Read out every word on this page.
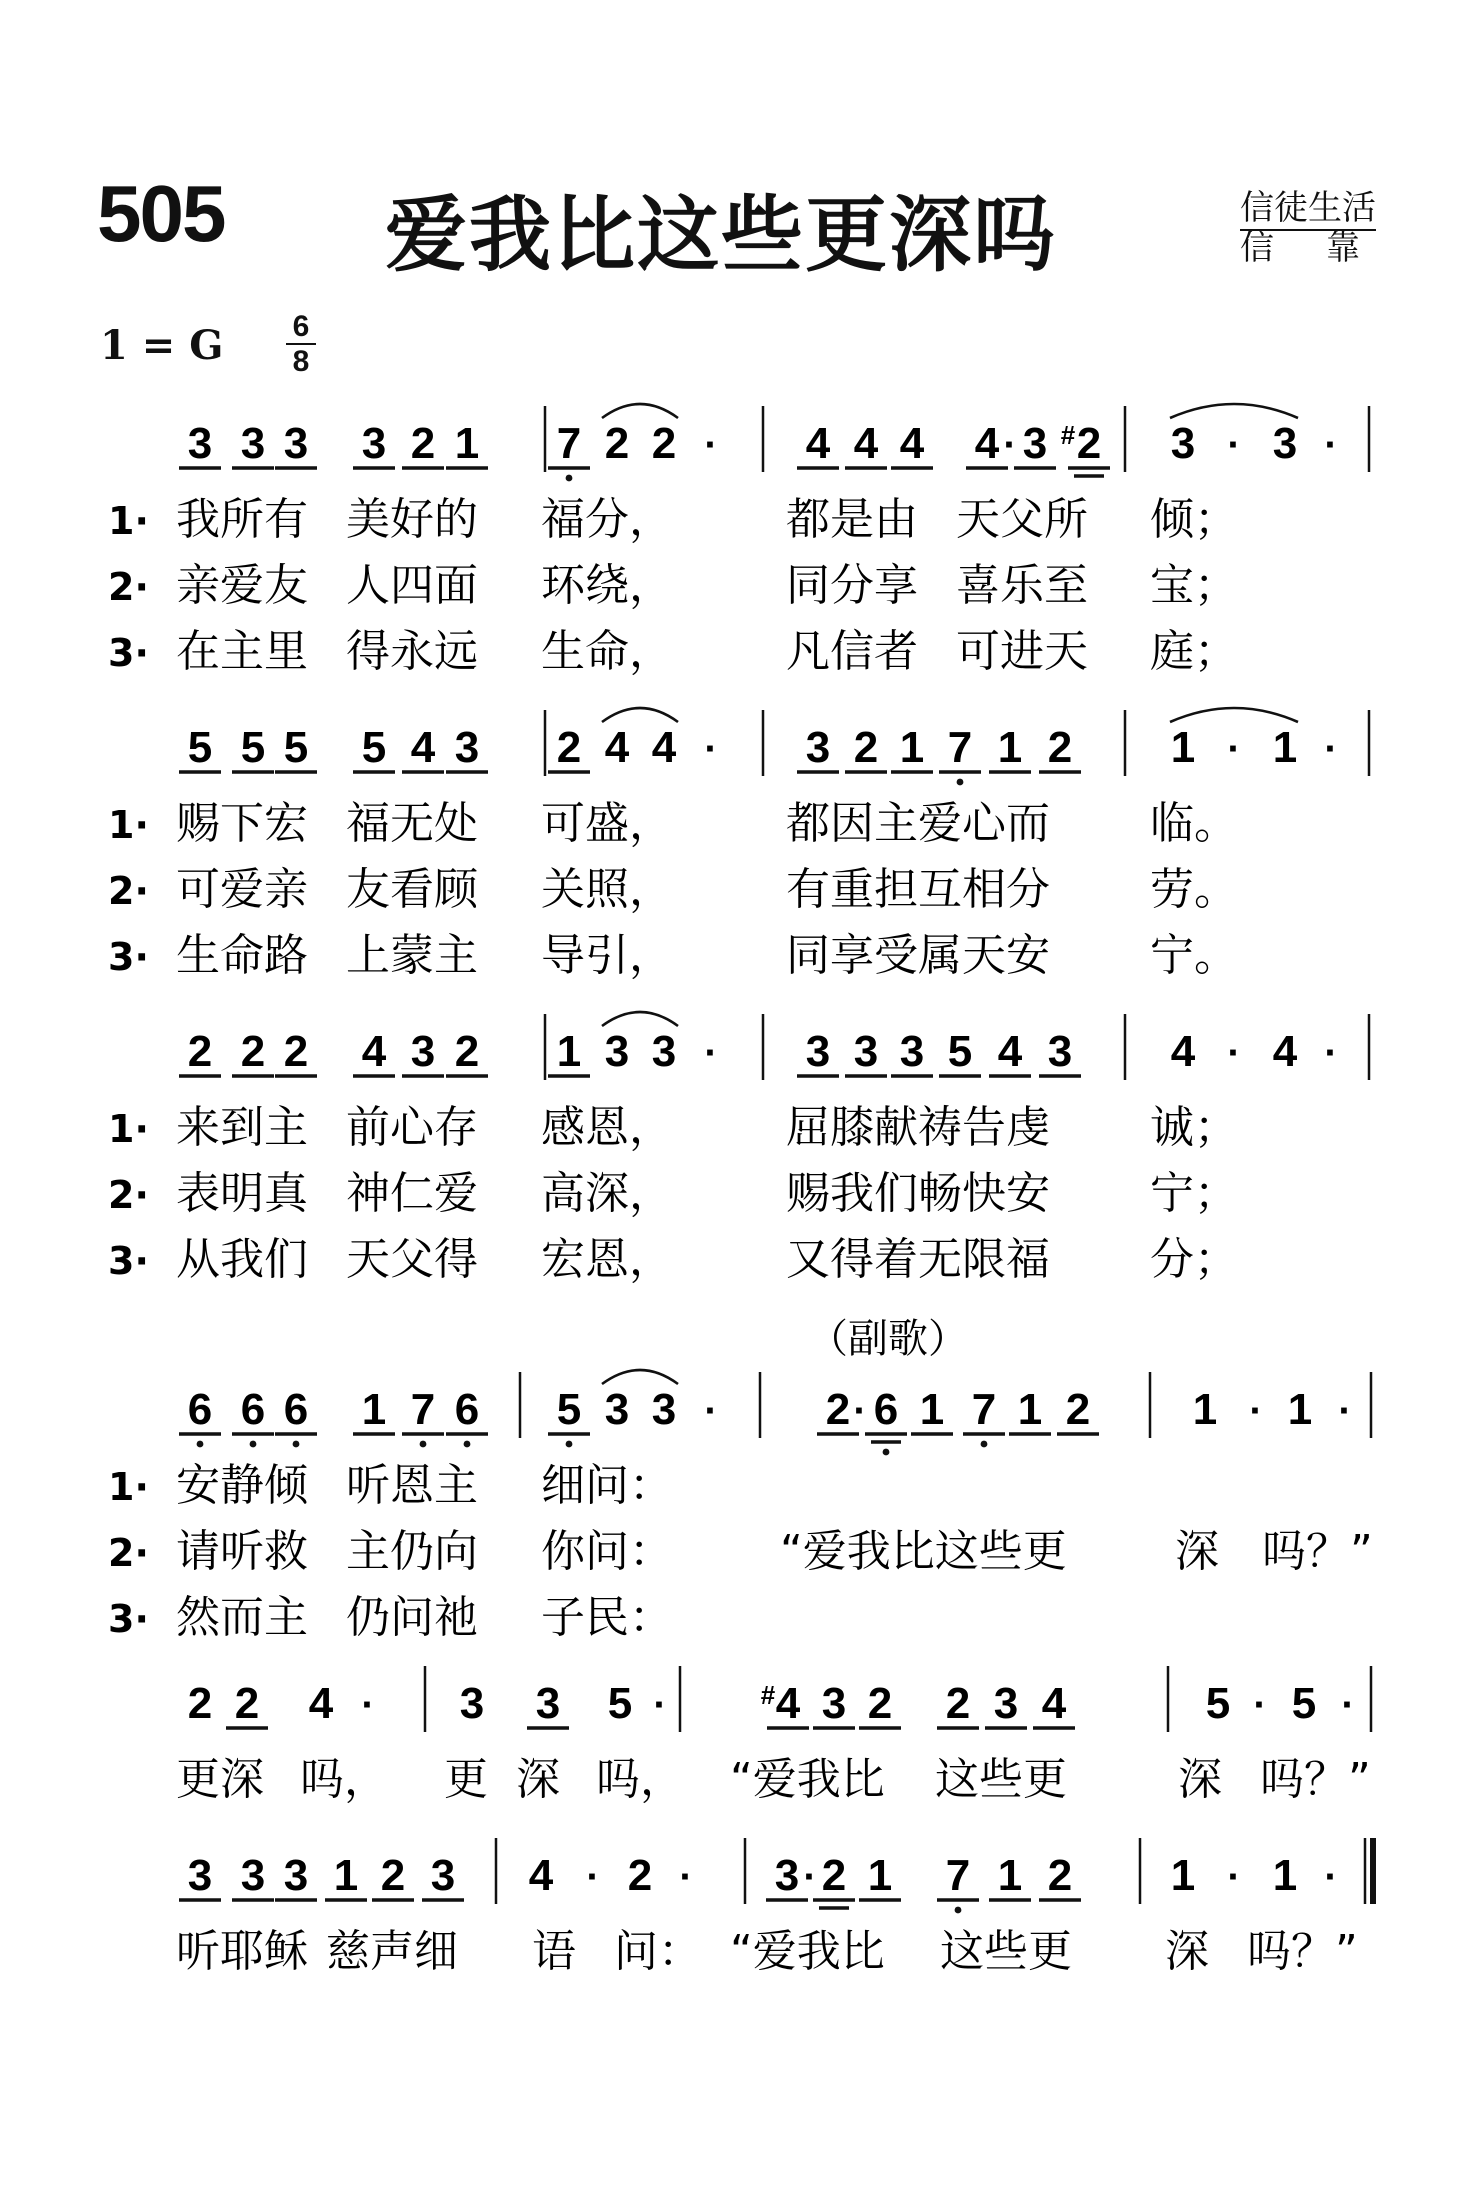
505 爱我比这些更深吗	信徒生活
信靠
1 = G 6
8
3 3 3 3 2 1 7 2 2 · 4 4 4 4 · 3 # 2 3 · 3 ·
1· 我所有 美好的 福分，	都是由 天父所 倾；
2· 亲爱友 人四面 环绕，	同分享 喜乐至 宝；
3· 在主里 得永远 生命，	凡信者 可进天 庭；
5 5 5 5 4 3 2 4 4 · 3 2 1 7 1 2 1 · 1 ·
1· 赐下宏 福无处 可盛，	都因主爱心而 临。
2· 可爱亲 友看顾 关照，	有重担互相分 劳。
3· 生命路 上蒙主 导引，	同享受属天安 宁。
2 2 2 4 3 2 1 3 3 · 3 3 3 5 4 3 4 · 4 ·
1· 来到主 前心存 感恩，	屈膝献祷告虔 诚；
2· 表明真 神仁爱 高深，	赐我们畅快安 宁；
3· 从我们 天父得 宏恩，	又得着无限福 分；
6 6 6 1 7 6 5 3 3 · 2 · 6 1 7 1 2 1 · 1 ·
（副歌）
1· 安静倾 听恩主 细问：
2· 请听救 主仍向 你问： “爱我比这些更 深 吗？”
3· 然而主 仍问祂 子民：
2 2 4 · 3 3 5 ·	# 4 3 2 2 3 4	5 · 5 ·
更深 吗， 更 深 吗， “爱我比 这些更	深 吗？”
3 3 3 1 2 3 4 · 2 · 3 · 2 1 7 1 2 1 · 1 ·
听耶稣 慈声细 语 问： “爱我比 这些更 深 吗？”
